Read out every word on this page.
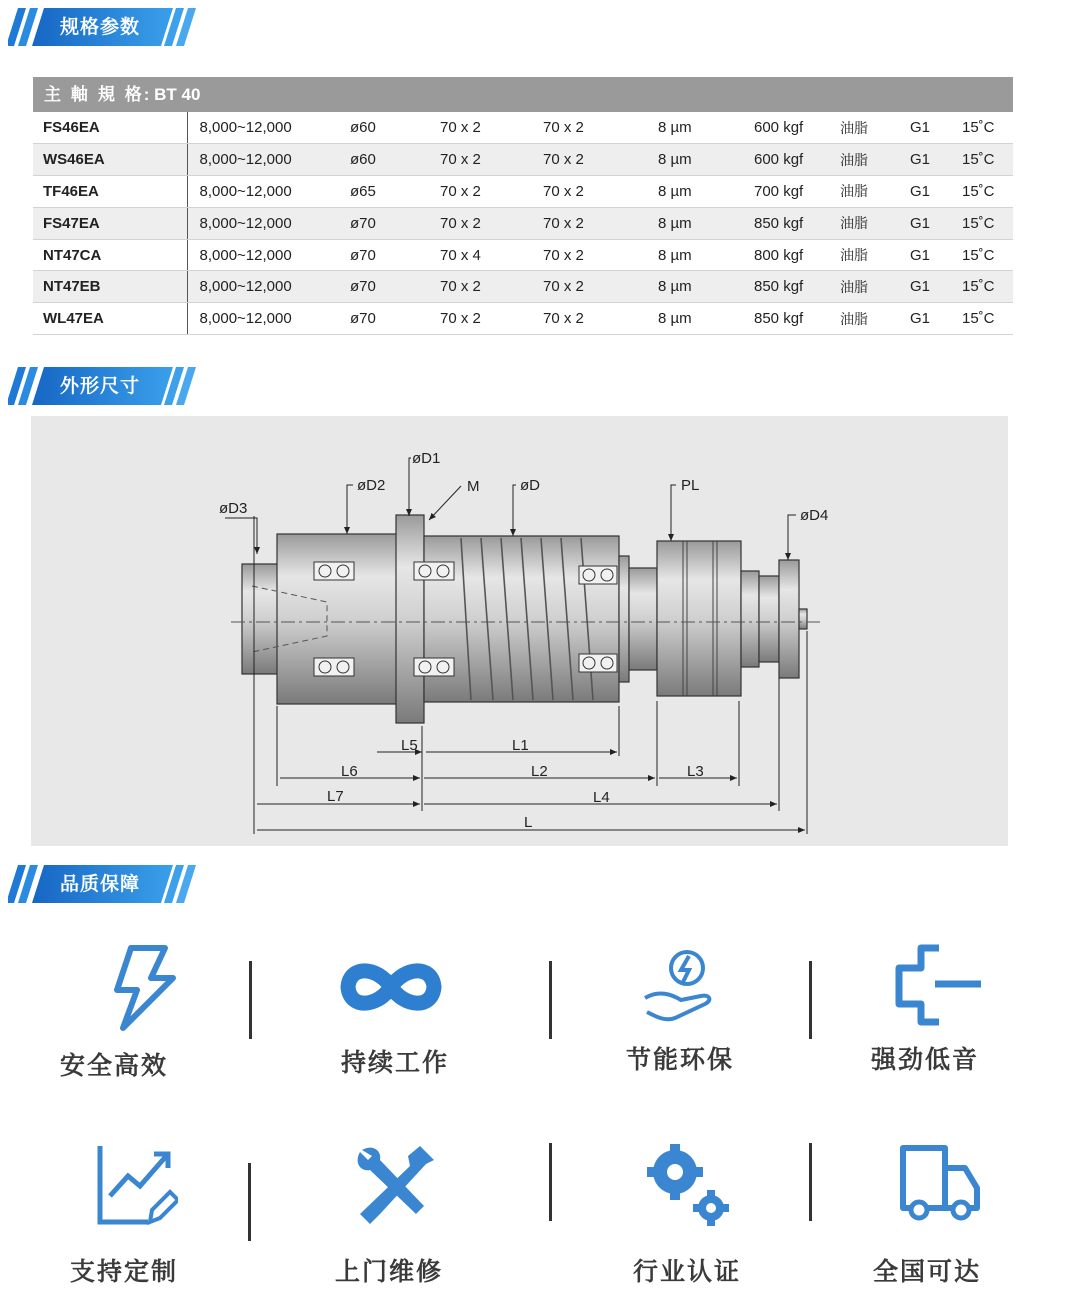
规格参数
主 軸 規 格: BT 40
FS46EA	8,000~12,000	ø60	70 x 2	70 x 2	8 µm	600 kgf	油脂	G1	15˚C
WS46EA	8,000~12,000	ø60	70 x 2	70 x 2	8 µm	600 kgf	油脂	G1	15˚C
TF46EA	8,000~12,000	ø65	70 x 2	70 x 2	8 µm	700 kgf	油脂	G1	15˚C
FS47EA	8,000~12,000	ø70	70 x 2	70 x 2	8 µm	850 kgf	油脂	G1	15˚C
NT47CA	8,000~12,000	ø70	70 x 4	70 x 2	8 µm	800 kgf	油脂	G1	15˚C
NT47EB	8,000~12,000	ø70	70 x 2	70 x 2	8 µm	850 kgf	油脂	G1	15˚C
WL47EA	8,000~12,000	ø70	70 x 2	70 x 2	8 µm	850 kgf	油脂	G1	15˚C
外形尺寸
øD1
øD2
øD3	øD4
øD
M	PL
L1
L5
L6	L2	L3
L7	L4
L
品质保障
安全高效	持续工作	节能环保	强劲低音
支持定制	上门维修	行业认证	全国可达
